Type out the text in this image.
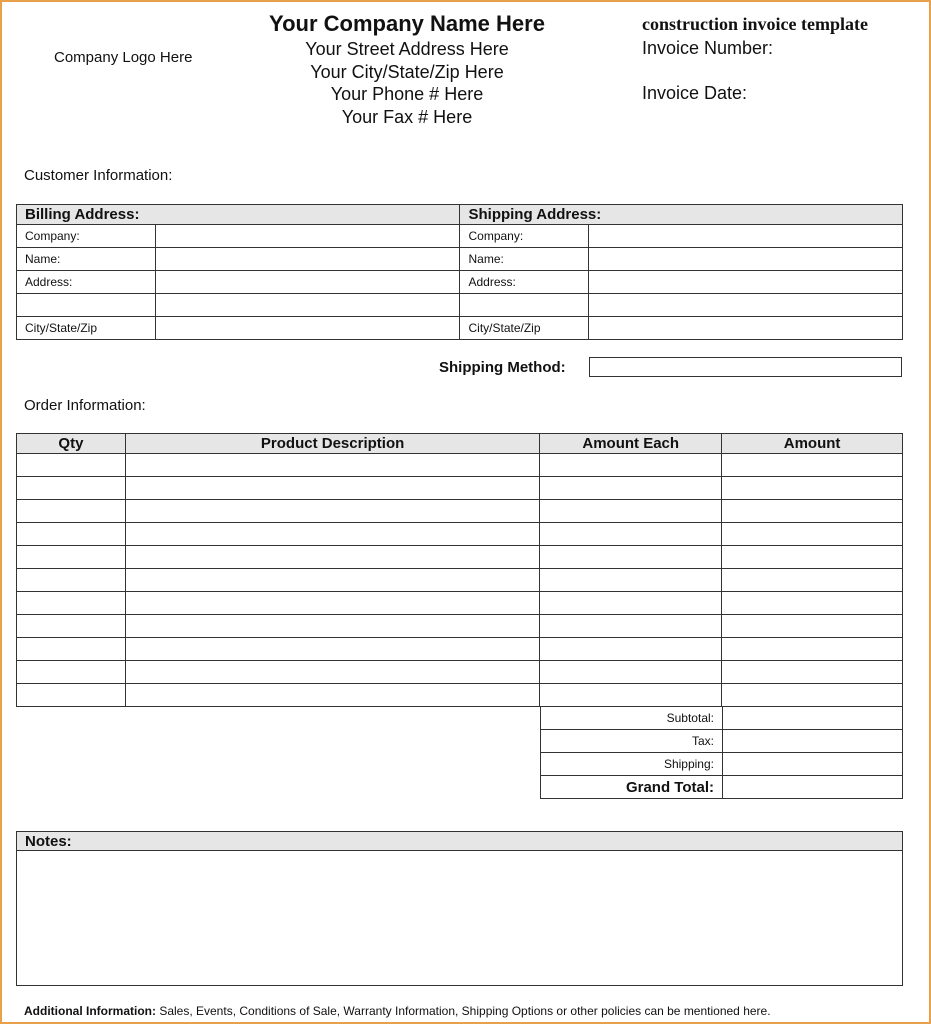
Company Logo Here
Your Company Name Here
Your Street Address Here
Your City/State/Zip Here
Your Phone # Here
Your Fax # Here
construction invoice template
Invoice Number:
Invoice Date:
Customer Information:
Billing Address:		Shipping Address:	
Company:		Company:	
Name:		Name:	
Address:		Address:	

City/State/Zip		City/State/Zip	
Shipping Method:
Order Information:
Qty	Product Description	Amount Each	Amount

Subtotal:	
Tax:	
Shipping:	
Grand Total:	
Notes:
Additional Information: Sales, Events, Conditions of Sale, Warranty Information, Shipping Options or other policies can be mentioned here.
